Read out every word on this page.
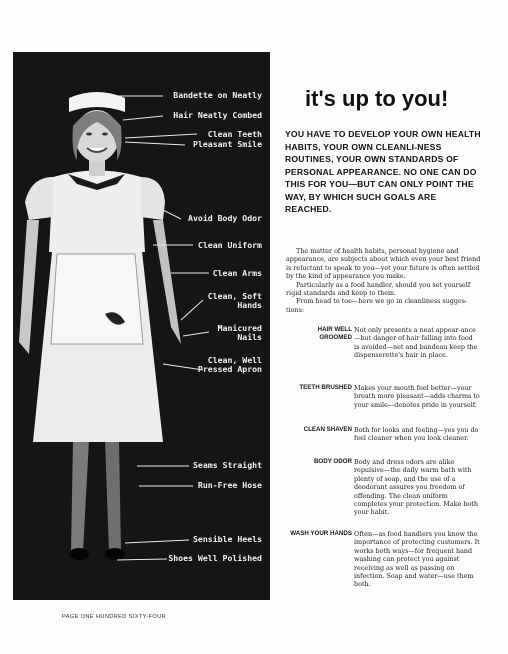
Bandette on Neatly
Hair Neatly Combed
Clean Teeth
Pleasant Smile
Avoid Body Odor
Clean Uniform
Clean Arms
Clean, Soft
Hands
Manicured
Nails
Clean, Well
Pressed Apron
Seams Straight
Run-Free Hose
Sensible Heels
Shoes Well Polished
PAGE ONE HUNDRED SIXTY-FOUR
it's up to you!
YOU HAVE TO DEVELOP YOUR OWN HEALTH HABITS, YOUR OWN CLEANLI-NESS ROUTINES, YOUR OWN STANDARDS OF PERSONAL APPEARANCE. NO ONE CAN DO THIS FOR YOU—BUT CAN ONLY POINT THE WAY, BY WHICH SUCH GOALS ARE REACHED.

The matter of health habits, personal hygiene and appearance, are subjects about which even your best friend is reluctant to speak to you—yet your future is often settled by the kind of appearance you make.

Particularly as a food handler, should you set yourself rigid standards and keep to them.

From head to toe—here we go in cleanliness sugges-tions:

HAIR WELL GROOMED
Not only presents a neat appear-ance—but danger of hair falling into food is avoided—net and bandeau keep the dispenserette's hair in place.
TEETH BRUSHED Makes your mouth feel better—your breath more pleasant—adds charms to your smile—denotes pride in yourself.
CLEAN SHAVEN Both for looks and feeling—yes you do feel cleaner when you look cleaner.
BODY ODOR Body and dress odors are alike repulsive—the daily warm bath with plenty of soap, and the use of a deodorant assures you freedom of offending. The clean uniform completes your protection. Make both your habit.
WASH YOUR HANDS Often—as food handlers you know the importance of protecting customers. It works both ways—for frequent hand washing can protect you against receiving as well as passing on infection. Soap and water—use them both.
